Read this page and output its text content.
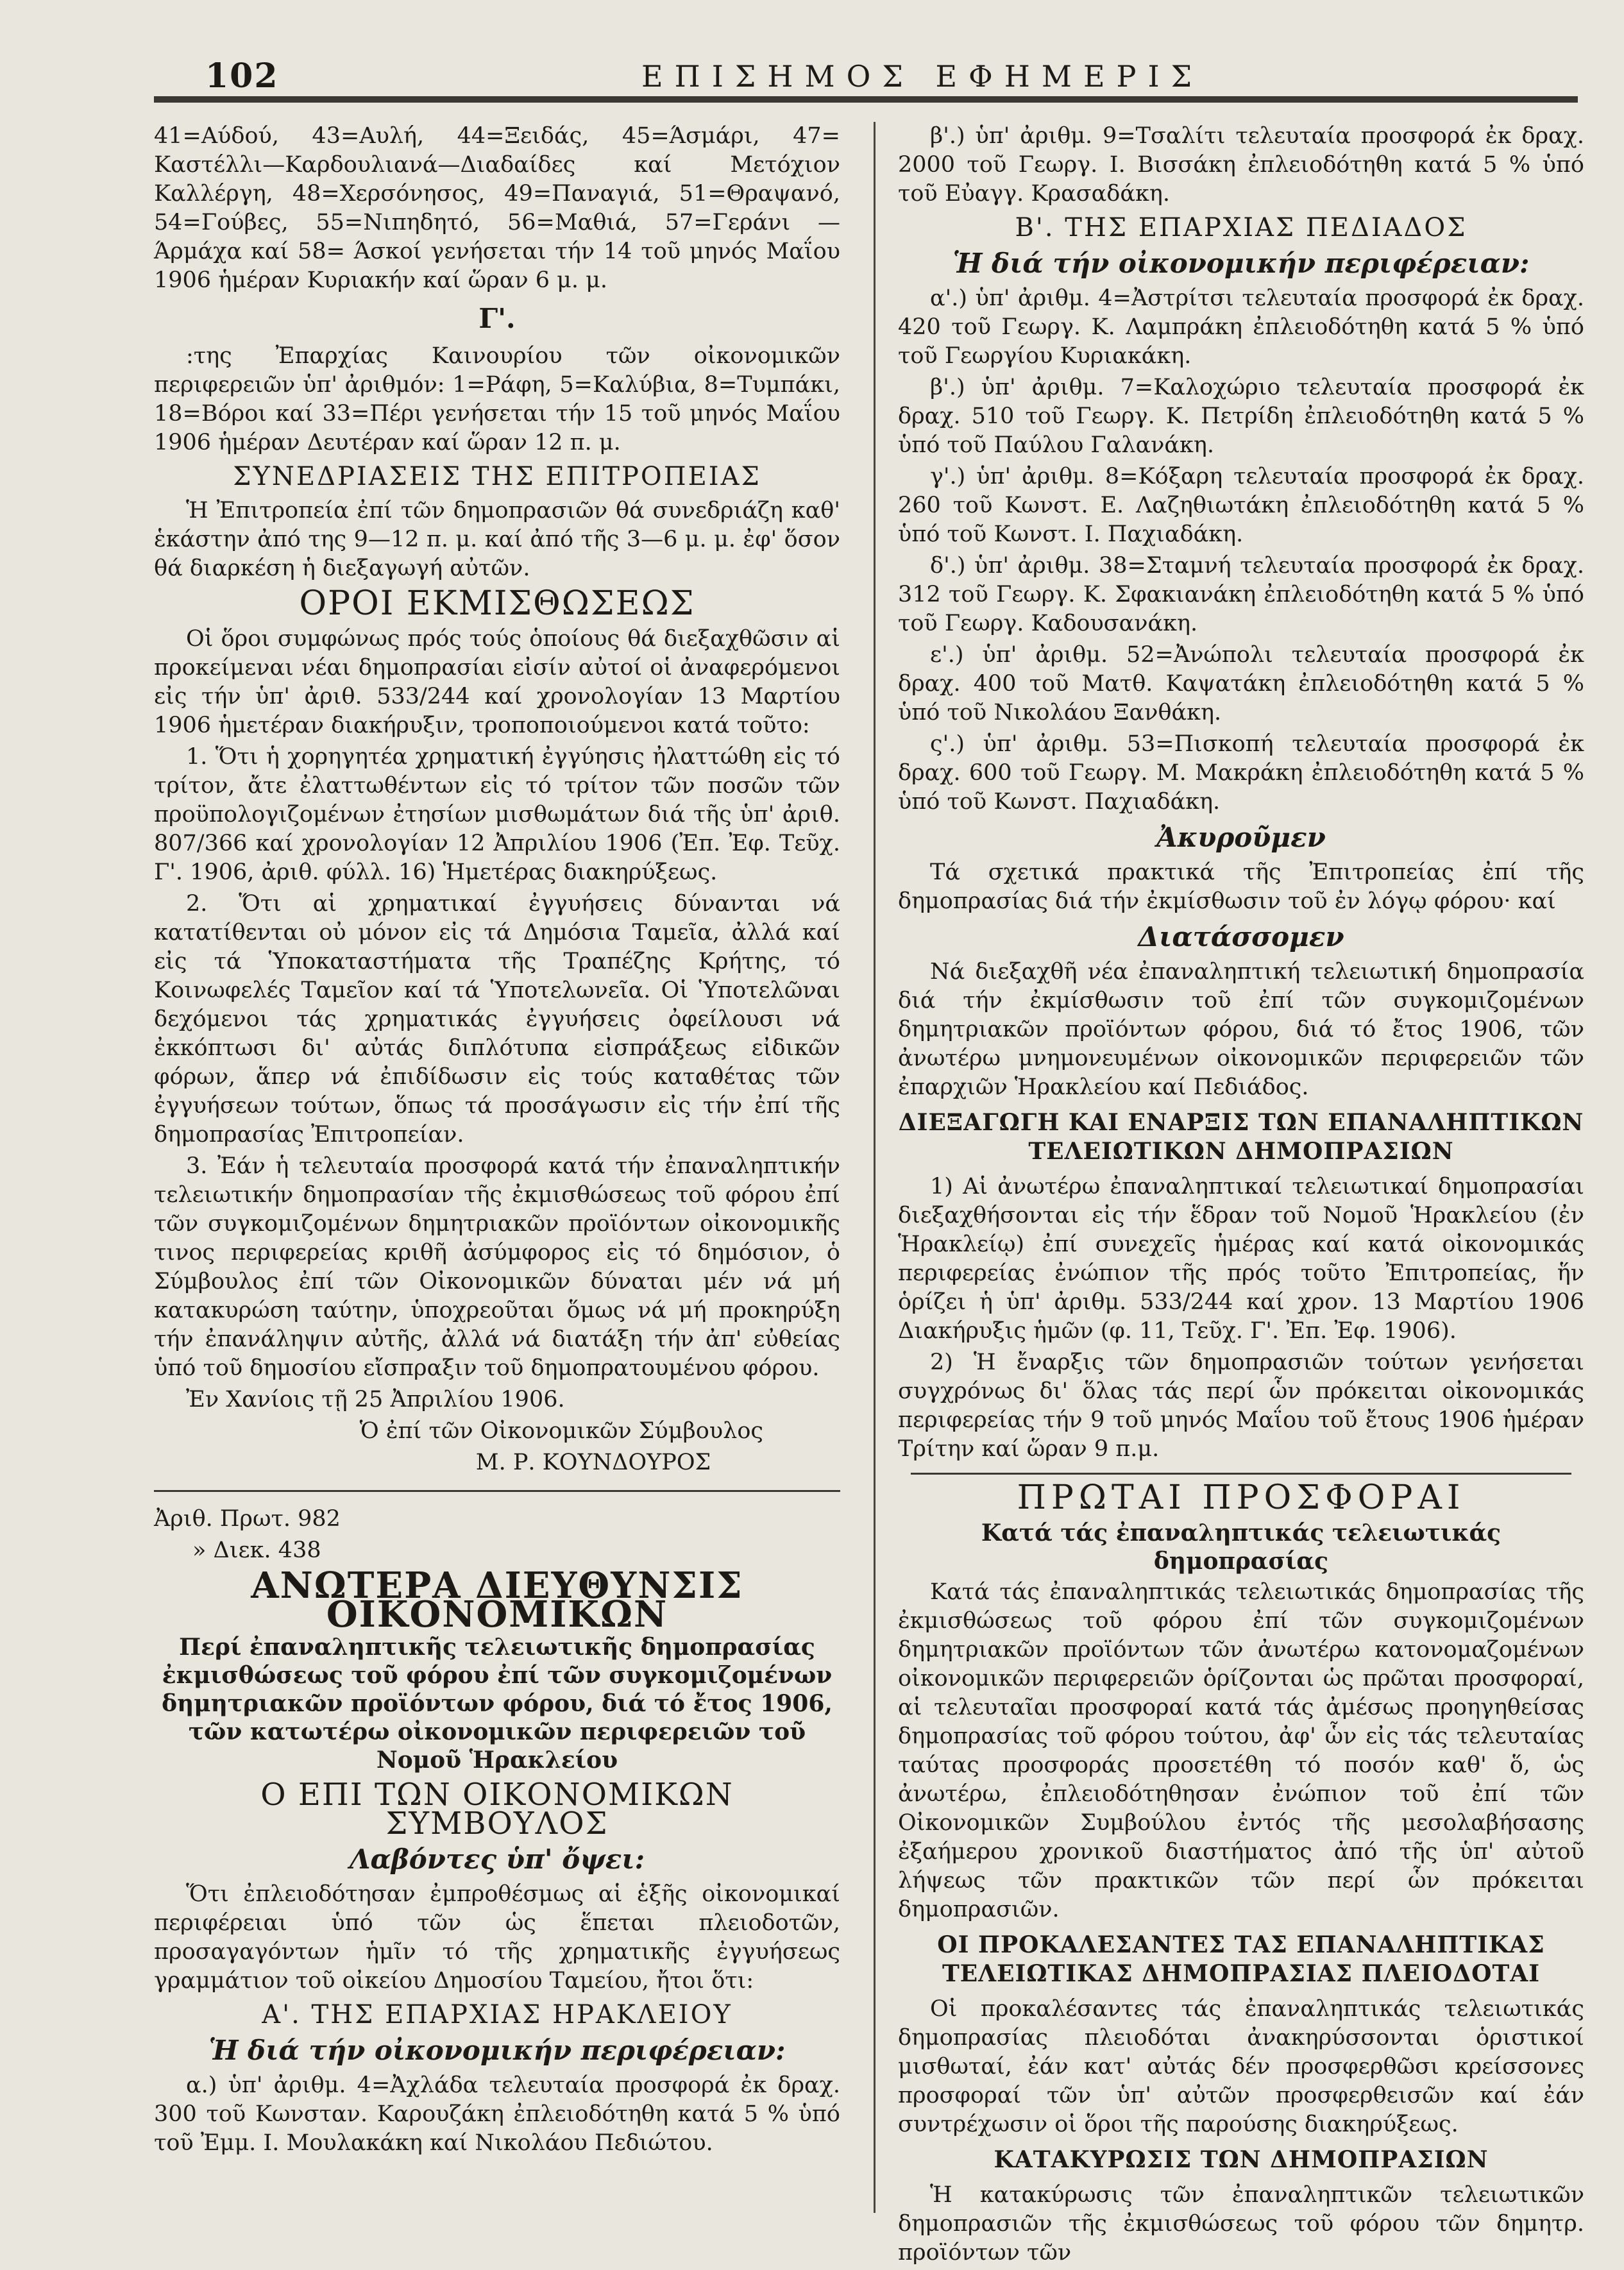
102	ΕΠΙΣΗΜΟΣ ΕΦΗΜΕΡΙΣ

41=Αύδού, 43=Αυλή, 44=Ξειδάς, 45=Άσμάρι, 47= Καστέλλι—Καρδουλιανά—Διαδαίδες καί Μετόχιον Καλλέργη, 48=Χερσόνησος, 49=Παναγιά, 51=Θραψανό, 54=Γούβες, 55=Νιπηδητό, 56=Μαθιά, 57=Γεράνι —Άρμάχα καί 58= Άσκοί γενήσεται τήν 14 τοῦ μηνός Μαΐου 1906 ἡμέραν Κυριακήν καί ὥραν 6 μ. μ.

Γ'.

:της Ἐπαρχίας Καινουρίου τῶν οἰκονομικῶν περιφερειῶν ὑπ' ἀριθμόν: 1=Ράφη, 5=Καλύβια, 8=Τυμπάκι, 18=Βόροι καί 33=Πέρι γενήσεται τήν 15 τοῦ μηνός Μαΐου 1906 ἡμέραν Δευτέραν καί ὥραν 12 π. μ.

ΣΥΝΕΔΡΙΑΣΕΙΣ ΤΗΣ ΕΠΙΤΡΟΠΕΙΑΣ

Ἡ Ἐπιτροπεία ἐπί τῶν δημοπρασιῶν θά συνεδριάζη καθ' ἑκάστην ἀπό της 9—12 π. μ. καί ἀπό τῆς 3—6 μ. μ. ἐφ' ὅσον θά διαρκέση ἡ διεξαγωγή αὐτῶν.

ΟΡΟΙ ΕΚΜΙΣΘΩΣΕΩΣ

Οἱ ὅροι συμφώνως πρός τούς ὁποίους θά διεξαχθῶσιν αἱ προκείμεναι νέαι δημοπρασίαι εἰσίν αὐτοί οἱ ἀναφερόμενοι εἰς τήν ὑπ' ἀριθ. 533/244 καί χρονολογίαν 13 Μαρτίου 1906 ἡμετέραν διακήρυξιν, τροποποιούμενοι κατά τοῦτο:

1. Ὅτι ἡ χορηγητέα χρηματική ἐγγύησις ἠλαττώθη εἰς τό τρίτον, ἄτε ἐλαττωθέντων εἰς τό τρίτον τῶν ποσῶν τῶν προϋπολογιζομένων ἐτησίων μισθωμάτων διά τῆς ὑπ' ἀριθ. 807/366 καί χρονολογίαν 12 Ἀπριλίου 1906 (Ἐπ. Ἐφ. Τεῦχ. Γ'. 1906, ἀριθ. φύλλ. 16) Ἡμετέρας διακηρύξεως.

2. Ὅτι αἱ χρηματικαί ἐγγυήσεις δύνανται νά κατατίθενται οὐ μόνον εἰς τά Δημόσια Ταμεῖα, ἀλλά καί εἰς τά Ὑποκαταστήματα τῆς Τραπέζης Κρήτης, τό Κοινωφελές Ταμεῖον καί τά Ὑποτελωνεῖα. Οἱ Ὑποτελῶναι δεχόμενοι τάς χρηματικάς ἐγγυήσεις ὀφείλουσι νά ἐκκόπτωσι δι' αὐτάς διπλότυπα εἰσπράξεως εἰδικῶν φόρων, ἅπερ νά ἐπιδίδωσιν εἰς τούς καταθέτας τῶν ἐγγυήσεων τούτων, ὅπως τά προσάγωσιν εἰς τήν ἐπί τῆς δημοπρασίας Ἐπιτροπείαν.

3. Ἐάν ἡ τελευταία προσφορά κατά τήν ἐπαναληπτικήν τελειωτικήν δημοπρασίαν τῆς ἐκμισθώσεως τοῦ φόρου ἐπί τῶν συγκομιζομένων δημητριακῶν προϊόντων οἰκονομικῆς τινος περιφερείας κριθῆ ἀσύμφορος εἰς τό δημόσιον, ὁ Σύμβουλος ἐπί τῶν Οἰκονομικῶν δύναται μέν νά μή κατακυρώση ταύτην, ὑποχρεοῦται ὅμως νά μή προκηρύξη τήν ἐπανάληψιν αὐτῆς, ἀλλά νά διατάξη τήν ἀπ' εὐθείας ὑπό τοῦ δημοσίου εἴσπραξιν τοῦ δημοπρατουμένου φόρου.

Ἐν Χανίοις τῇ 25 Ἀπριλίου 1906.

Ὁ ἐπί τῶν Οἰκονομικῶν Σύμβουλος

Μ. Ρ. ΚΟΥΝΔΟΥΡΟΣ

Ἀριθ. Πρωτ. 982

» Διεκ. 438

ΑΝΩΤΕΡΑ ΔΙΕΥΘΥΝΣΙΣ ΟΙΚΟΝΟΜΙΚΩΝ

Περί ἐπαναληπτικῆς τελειωτικῆς δημοπρασίας ἐκμισθώσεως τοῦ φόρου ἐπί τῶν συγκομιζομένων δημητριακῶν προϊόντων φόρου, διά τό ἔτος 1906, τῶν κατωτέρω οἰκονομικῶν περιφερειῶν τοῦ Νομοῦ Ἡρακλείου

Ο ΕΠΙ ΤΩΝ ΟΙΚΟΝΟΜΙΚΩΝ ΣΥΜΒΟΥΛΟΣ

Λαβόντες ὑπ' ὄψει:

Ὅτι ἐπλειοδότησαν ἐμπροθέσμως αἱ ἑξῆς οἰκονομικαί περιφέρειαι ὑπό τῶν ὡς ἕπεται πλειοδοτῶν, προσαγαγόντων ἡμῖν τό τῆς χρηματικῆς ἐγγυήσεως γραμμάτιον τοῦ οἰκείου Δημοσίου Ταμείου, ἤτοι ὅτι:

Α'. ΤΗΣ ΕΠΑΡΧΙΑΣ ΗΡΑΚΛΕΙΟΥ

Ἡ διά τήν οἰκονομικήν περιφέρειαν:

α.) ὑπ' ἀριθμ. 4=Ἀχλάδα τελευταία προσφορά ἐκ δραχ. 300 τοῦ Κωνσταν. Καρουζάκη ἐπλειοδότηθη κατά 5 % ὑπό τοῦ Ἐμμ. Ι. Μουλακάκη καί Νικολάου Πεδιώτου.

β'.) ὑπ' ἀριθμ. 9=Τσαλίτι τελευταία προσφορά ἐκ δραχ. 2000 τοῦ Γεωργ. Ι. Βισσάκη ἐπλειοδότηθη κατά 5 % ὑπό τοῦ Εὐαγγ. Κρασαδάκη.

Β'. ΤΗΣ ΕΠΑΡΧΙΑΣ ΠΕΔΙΑΔΟΣ

Ἡ διά τήν οἰκονομικήν περιφέρειαν:

α'.) ὑπ' ἀριθμ. 4=Ἀστρίτσι τελευταία προσφορά ἐκ δραχ. 420 τοῦ Γεωργ. Κ. Λαμπράκη ἐπλειοδότηθη κατά 5 % ὑπό τοῦ Γεωργίου Κυριακάκη.

β'.) ὑπ' ἀριθμ. 7=Καλοχώριο τελευταία προσφορά ἐκ δραχ. 510 τοῦ Γεωργ. Κ. Πετρίδη ἐπλειοδότηθη κατά 5 % ὑπό τοῦ Παύλου Γαλανάκη.

γ'.) ὑπ' ἀριθμ. 8=Κόξαρη τελευταία προσφορά ἐκ δραχ. 260 τοῦ Κωνστ. Ε. Λαζηθιωτάκη ἐπλειοδότηθη κατά 5 % ὑπό τοῦ Κωνστ. Ι. Παχιαδάκη.

δ'.) ὑπ' ἀριθμ. 38=Σταμνή τελευταία προσφορά ἐκ δραχ. 312 τοῦ Γεωργ. Κ. Σφακιανάκη ἐπλειοδότηθη κατά 5 % ὑπό τοῦ Γεωργ. Καδουσανάκη.

ε'.) ὑπ' ἀριθμ. 52=Ἀνώπολι τελευταία προσφορά ἐκ δραχ. 400 τοῦ Ματθ. Καψατάκη ἐπλειοδότηθη κατά 5 % ὑπό τοῦ Νικολάου Ξανθάκη.

ς'.) ὑπ' ἀριθμ. 53=Πισκοπή τελευταία προσφορά ἐκ δραχ. 600 τοῦ Γεωργ. Μ. Μακράκη ἐπλειοδότηθη κατά 5 % ὑπό τοῦ Κωνστ. Παχιαδάκη.

Ἀκυροῦμεν

Τά σχετικά πρακτικά τῆς Ἐπιτροπείας ἐπί τῆς δημοπρασίας διά τήν ἐκμίσθωσιν τοῦ ἐν λόγῳ φόρου· καί

Διατάσσομεν

Νά διεξαχθῆ νέα ἐπαναληπτική τελειωτική δημοπρασία διά τήν ἐκμίσθωσιν τοῦ ἐπί τῶν συγκομιζομένων δημητριακῶν προϊόντων φόρου, διά τό ἔτος 1906, τῶν ἀνωτέρω μνημονευμένων οἰκονομικῶν περιφερειῶν τῶν ἐπαρχιῶν Ἡρακλείου καί Πεδιάδος.

ΔΙΕΞΑΓΩΓΗ ΚΑΙ ΕΝΑΡΞΙΣ ΤΩΝ ΕΠΑΝΑΛΗΠΤΙΚΩΝ ΤΕΛΕΙΩΤΙΚΩΝ ΔΗΜΟΠΡΑΣΙΩΝ

1) Αἱ ἀνωτέρω ἐπαναληπτικαί τελειωτικαί δημοπρασίαι διεξαχθήσονται εἰς τήν ἕδραν τοῦ Νομοῦ Ἡρακλείου (ἐν Ἡρακλείῳ) ἐπί συνεχεῖς ἡμέρας καί κατά οἰκονομικάς περιφερείας ἐνώπιον τῆς πρός τοῦτο Ἐπιτροπείας, ἥν ὁρίζει ἡ ὑπ' ἀριθμ. 533/244 καί χρον. 13 Μαρτίου 1906 Διακήρυξις ἡμῶν (φ. 11, Τεῦχ. Γ'. Ἐπ. Ἐφ. 1906).

2) Ἡ ἔναρξις τῶν δημοπρασιῶν τούτων γενήσεται συγχρόνως δι' ὅλας τάς περί ὧν πρόκειται οἰκονομικάς περιφερείας τήν 9 τοῦ μηνός Μαΐου τοῦ ἔτους 1906 ἡμέραν Τρίτην καί ὥραν 9 π.μ.

ΠΡΩΤΑΙ ΠΡΟΣΦΟΡΑΙ

Κατά τάς ἐπαναληπτικάς τελειωτικάς δημοπρασίας

Κατά τάς ἐπαναληπτικάς τελειωτικάς δημοπρασίας τῆς ἐκμισθώσεως τοῦ φόρου ἐπί τῶν συγκομιζομένων δημητριακῶν προϊόντων τῶν ἀνωτέρω κατονομαζομένων οἰκονομικῶν περιφερειῶν ὁρίζονται ὡς πρῶται προσφοραί, αἱ τελευταῖαι προσφοραί κατά τάς ἀμέσως προηγηθείσας δημοπρασίας τοῦ φόρου τούτου, ἀφ' ὧν εἰς τάς τελευταίας ταύτας προσφοράς προσετέθη τό ποσόν καθ' ὅ, ὡς ἀνωτέρω, ἐπλειοδότηθησαν ἐνώπιον τοῦ ἐπί τῶν Οἰκονομικῶν Συμβούλου ἐντός τῆς μεσολαβήσασης ἐξαήμερου χρονικοῦ διαστήματος ἀπό τῆς ὑπ' αὐτοῦ λήψεως τῶν πρακτικῶν τῶν περί ὧν πρόκειται δημοπρασιῶν.

ΟΙ ΠΡΟΚΑΛΕΣΑΝΤΕΣ ΤΑΣ ΕΠΑΝΑΛΗΠΤΙΚΑΣ ΤΕΛΕΙΩΤΙΚΑΣ ΔΗΜΟΠΡΑΣΙΑΣ ΠΛΕΙΟΔΟΤΑΙ

Οἱ προκαλέσαντες τάς ἐπαναληπτικάς τελειωτικάς δημοπρασίας πλειοδόται ἀνακηρύσσονται ὁριστικοί μισθωταί, ἐάν κατ' αὐτάς δέν προσφερθῶσι κρείσσονες προσφοραί τῶν ὑπ' αὐτῶν προσφερθεισῶν καί ἐάν συντρέχωσιν οἱ ὅροι τῆς παρούσης διακηρύξεως.

ΚΑΤΑΚΥΡΩΣΙΣ ΤΩΝ ΔΗΜΟΠΡΑΣΙΩΝ

Ἡ κατακύρωσις τῶν ἐπαναληπτικῶν τελειωτικῶν δημοπρασιῶν τῆς ἐκμισθώσεως τοῦ φόρου τῶν δημητρ. προϊόντων τῶν
